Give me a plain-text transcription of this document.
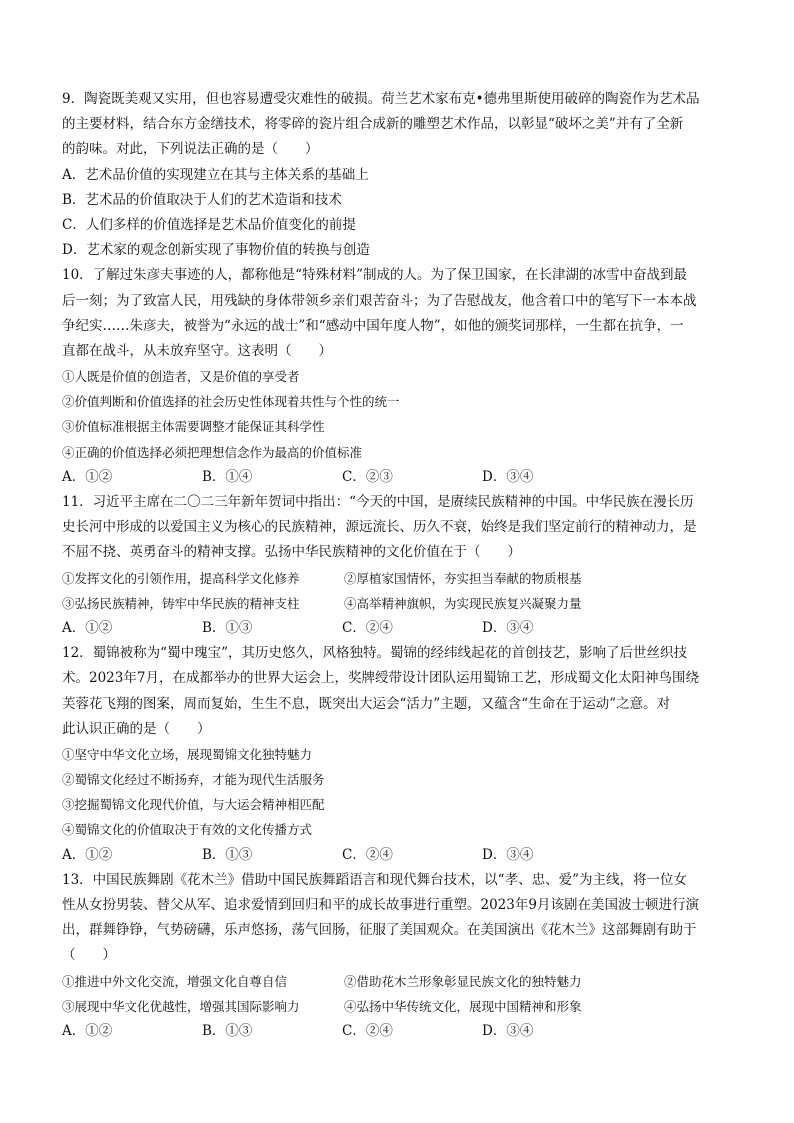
9．陶瓷既美观又实用，但也容易遭受灾难性的破损。荷兰艺术家布克•德弗里斯使用破碎的陶瓷作为艺术品
的主要材料，结合东方金缮技术，将零碎的瓷片组合成新的雕塑艺术作品，以彰显“破坏之美”并有了全新
的韵味。对此，下列说法正确的是（　　）
A．艺术品价值的实现建立在其与主体关系的基础上
B．艺术品的价值取决于人们的艺术造诣和技术
C．人们多样的价值选择是艺术品价值变化的前提
D．艺术家的观念创新实现了事物价值的转换与创造
10．了解过朱彦夫事迹的人，都称他是“特殊材料”制成的人。为了保卫国家，在长津湖的冰雪中奋战到最
后一刻；为了致富人民，用残缺的身体带领乡亲们艰苦奋斗；为了告慰战友，他含着口中的笔写下一本本战
争纪实……朱彦夫，被誉为“永远的战士”和“感动中国年度人物”，如他的颁奖词那样，一生都在抗争，一
直都在战斗，从未放弃坚守。这表明（　　）
①人既是价值的创造者，又是价值的享受者
②价值判断和价值选择的社会历史性体现着共性与个性的统一
③价值标准根据主体需要调整才能保证其科学性
④正确的价值选择必须把理想信念作为最高的价值标准
A．①②	B．①④	C．②③	D．③④
11．习近平主席在二〇二三年新年贺词中指出：“今天的中国，是赓续民族精神的中国。中华民族在漫长历
史长河中形成的以爱国主义为核心的民族精神，源远流长、历久不衰，始终是我们坚定前行的精神动力，是
不屈不挠、英勇奋斗的精神支撑。弘扬中华民族精神的文化价值在于（　　）
①发挥文化的引领作用，提高科学文化修养	②厚植家国情怀，夯实担当奉献的物质根基
③弘扬民族精神，铸牢中华民族的精神支柱	④高举精神旗帜，为实现民族复兴凝聚力量
A．①②	B．①③	C．②④	D．③④
12．蜀锦被称为“蜀中瑰宝”，其历史悠久，风格独特。蜀锦的经纬线起花的首创技艺，影响了后世丝织技
术。2023年7月，在成都举办的世界大运会上，奖牌绶带设计团队运用蜀锦工艺，形成蜀文化太阳神鸟围绕
芙蓉花飞翔的图案，周而复始，生生不息，既突出大运会“活力”主题，又蕴含“生命在于运动”之意。对
此认识正确的是（　　）
①坚守中华文化立场，展现蜀锦文化独特魅力
②蜀锦文化经过不断扬弃，才能为现代生活服务
③挖掘蜀锦文化现代价值，与大运会精神相匹配
④蜀锦文化的价值取决于有效的文化传播方式
A．①②	B．①③	C．②④	D．③④
13．中国民族舞剧《花木兰》借助中国民族舞蹈语言和现代舞台技术，以“孝、忠、爱”为主线，将一位女
性从女扮男装、替父从军、追求爱情到回归和平的成长故事进行重塑。2023年9月该剧在美国波士顿进行演
出，群舞铮铮，气势磅礴，乐声悠扬，荡气回肠，征服了美国观众。在美国演出《花木兰》这部舞剧有助于
（　　）
①推进中外文化交流，增强文化自尊自信	②借助花木兰形象彰显民族文化的独特魅力
③展现中华文化优越性，增强其国际影响力	④弘扬中华传统文化，展现中国精神和形象
A．①②	B．①③	C．②④	D．③④
